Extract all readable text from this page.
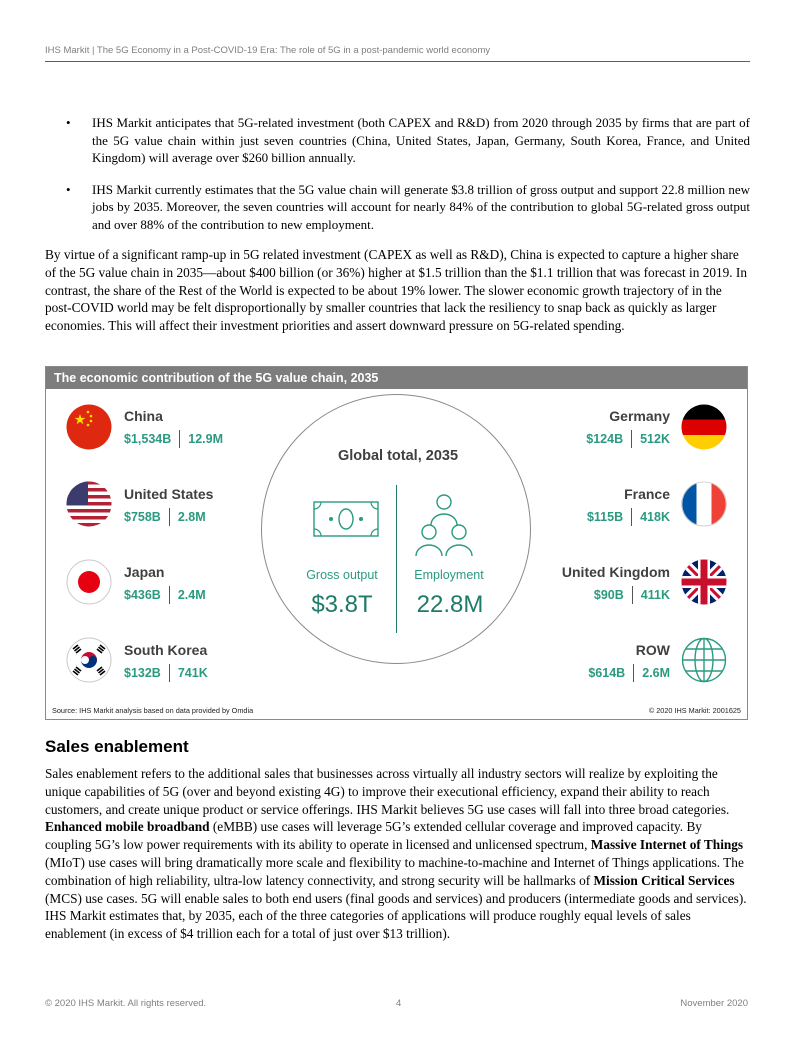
IHS Markit | The 5G Economy in a Post-COVID-19 Era: The role of 5G in a post-pandemic world economy
• IHS Markit anticipates that 5G-related investment (both CAPEX and R&D) from 2020 through 2035 by firms that are part of the 5G value chain within just seven countries (China, United States, Japan, Germany, South Korea, France, and United Kingdom) will average over $260 billion annually.
• IHS Markit currently estimates that the 5G value chain will generate $3.8 trillion of gross output and support 22.8 million new jobs by 2035. Moreover, the seven countries will account for nearly 84% of the contribution to global 5G-related gross output and over 88% of the contribution to new employment.

By virtue of a significant ramp-up in 5G related investment (CAPEX as well as R&D), China is expected to capture a higher share of the 5G value chain in 2035—about $400 billion (or 36%) higher at $1.5 trillion than the $1.1 trillion that was forecast in 2019. In contrast, the share of the Rest of the World is expected to be about 19% lower. The slower economic growth trajectory of in the post-COVID world may be felt disproportionally by smaller countries that lack the resiliency to snap back as quickly as larger economies. This will affect their investment priorities and assert downward pressure on 5G-related spending.

The economic contribution of the 5G value chain, 2035
Global total, 2035
Gross output	Employment
$3.8T	22.8M
China
$1,534B 12.9M
United States
$758B 2.8M
Japan
$436B 2.4M
South Korea
$132B 741K
Germany
$124B 512K
France
$115B 418K
United Kingdom
$90B 411K
ROW
$614B 2.6M
Source: IHS Markit analysis based on data provided by Omdia	© 2020 IHS Markit: 2001625
Sales enablement

Sales enablement refers to the additional sales that businesses across virtually all industry sectors will realize by exploiting the unique capabilities of 5G (over and beyond existing 4G) to improve their executional efficiency, expand their ability to reach customers, and create unique product or service offerings. IHS Markit believes 5G use cases will fall into three broad categories. Enhanced mobile broadband (eMBB) use cases will leverage 5G’s extended cellular coverage and improved capacity. By coupling 5G’s low power requirements with its ability to operate in licensed and unlicensed spectrum, Massive Internet of Things (MIoT) use cases will bring dramatically more scale and flexibility to machine-to-machine and Internet of Things applications. The combination of high reliability, ultra-low latency connectivity, and strong security will be hallmarks of Mission Critical Services (MCS) use cases. 5G will enable sales to both end users (final goods and services) and producers (intermediate goods and services). IHS Markit estimates that, by 2035, each of the three categories of applications will produce roughly equal levels of sales enablement (in excess of $4 trillion each for a total of just over $13 trillion).

© 2020 IHS Markit. All rights reserved.	4	November 2020
